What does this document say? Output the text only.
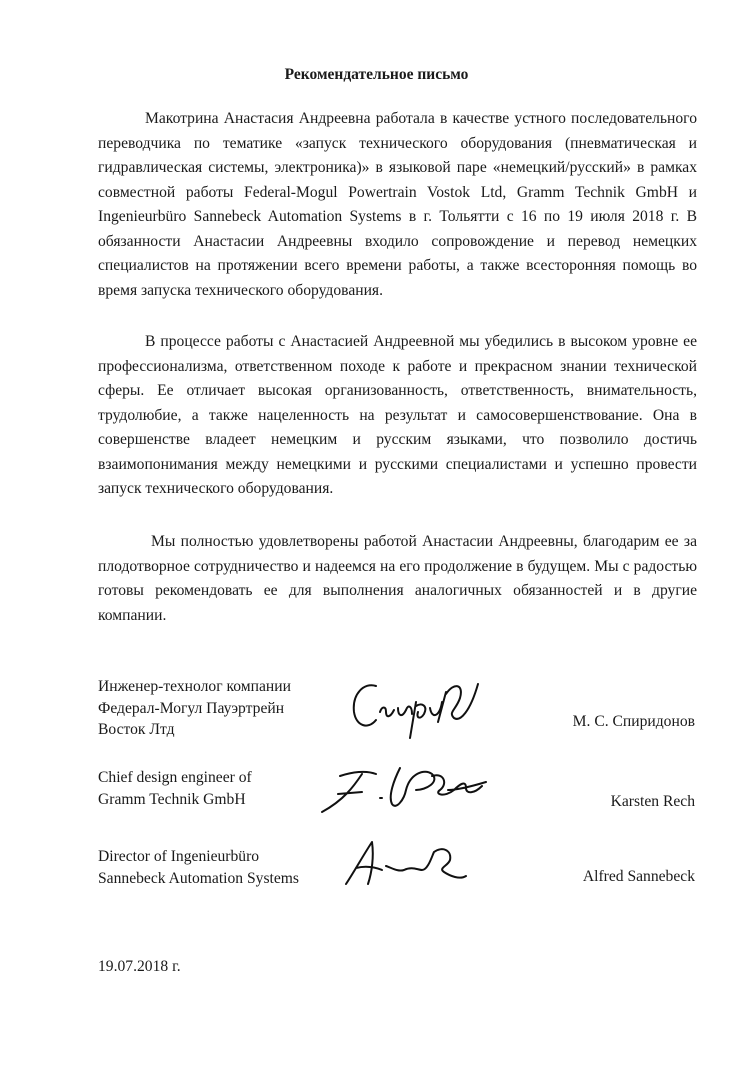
Рекомендательное письмо

Макотрина Анастасия Андреевна работала в качестве устного последовательного переводчика по тематике «запуск технического оборудования (пневматическая и гидравлическая системы, электроника)» в языковой паре «немецкий/русский» в рамках совместной работы Federal-Mogul Powertrain Vostok Ltd, Gramm Technik GmbH и Ingenieurbüro Sannebeck Automation Systems в г. Тольятти с 16 по 19 июля 2018 г. В обязанности Анастасии Андреевны входило сопровождение и перевод немецких специалистов на протяжении всего времени работы, а также всесторонняя помощь во время запуска технического оборудования.

В процессе работы с Анастасией Андреевной мы убедились в высоком уровне ее профессионализма, ответственном походе к работе и прекрасном знании технической сферы. Ее отличает высокая организованность, ответственность, внимательность, трудолюбие, а также нацеленность на результат и самосовершенствование. Она в совершенстве владеет немецким и русским языками, что позволило достичь взаимопонимания между немецкими и русскими специалистами и успешно провести запуск технического оборудования.

Мы полностью удовлетворены работой Анастасии Андреевны, благодарим ее за плодотворное сотрудничество и надеемся на его продолжение в будущем. Мы с радостью готовы рекомендовать ее для выполнения аналогичных обязанностей и в другие компании.

Инженер-технолог компании
Федерал-Могул Пауэртрейн
Восток Лтд	М. С. Спиридонов
Chief design engineer of
Gramm Technik GmbH	Karsten Rech
Director of Ingenieurbüro
Sannebeck Automation Systems	Alfred Sannebeck
19.07.2018 г.
